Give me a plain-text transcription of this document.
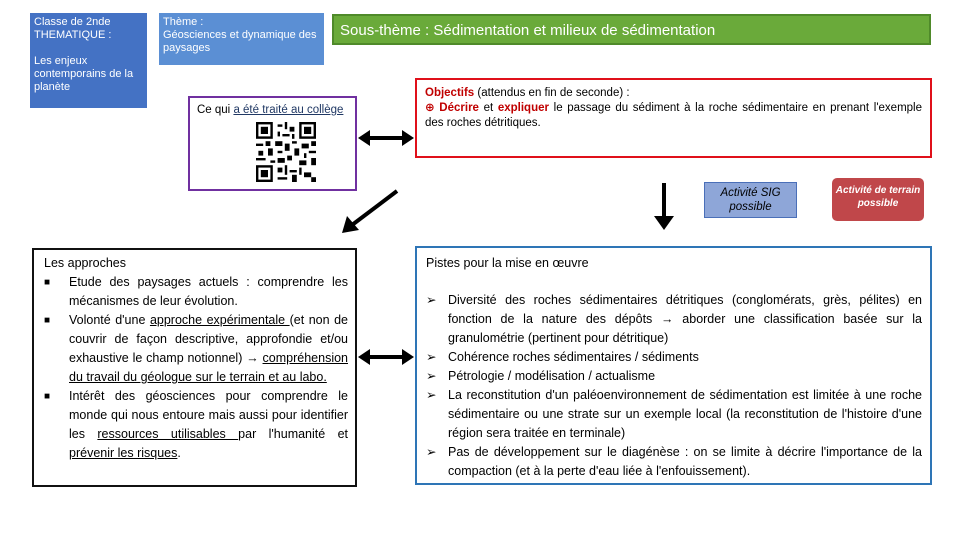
Classe de 2nde
THEMATIQUE :
Les enjeux contemporains de la planète
Thème :
Géosciences et dynamique des paysages
Sous-thème : Sédimentation et milieux de sédimentation
Ce qui a été traité au collège
Objectifs (attendus en fin de seconde) :
⊕ Décrire et expliquer le passage du sédiment à la roche sédimentaire en prenant l'exemple des roches détritiques.
Activité SIG possible
Activité de terrain possible
Les approches
■ Etude des paysages actuels : comprendre les mécanismes de leur évolution.
■ Volonté d'une approche expérimentale (et non de couvrir de façon descriptive, approfondie et/ou exhaustive le champ notionnel) → compréhension du travail du géologue sur le terrain et au labo.
■ Intérêt des géosciences pour comprendre le monde qui nous entoure mais aussi pour identifier les ressources utilisables par l'humanité et prévenir les risques.
Pistes pour la mise en œuvre
➢ Diversité des roches sédimentaires détritiques (conglomérats, grès, pélites) en fonction de la nature des dépôts → aborder une classification basée sur la granulométrie (pertinent pour détritique)
➢ Cohérence roches sédimentaires / sédiments
➢ Pétrologie / modélisation / actualisme
➢ La reconstitution d'un paléoenvironnement de sédimentation est limitée à une roche sédimentaire ou une strate sur un exemple local (la reconstitution de l'histoire d'une région sera traitée en terminale)
➢ Pas de développement sur le diagénèse : on se limite à décrire l'importance de la compaction (et à la perte d'eau liée à l'enfouissement).
